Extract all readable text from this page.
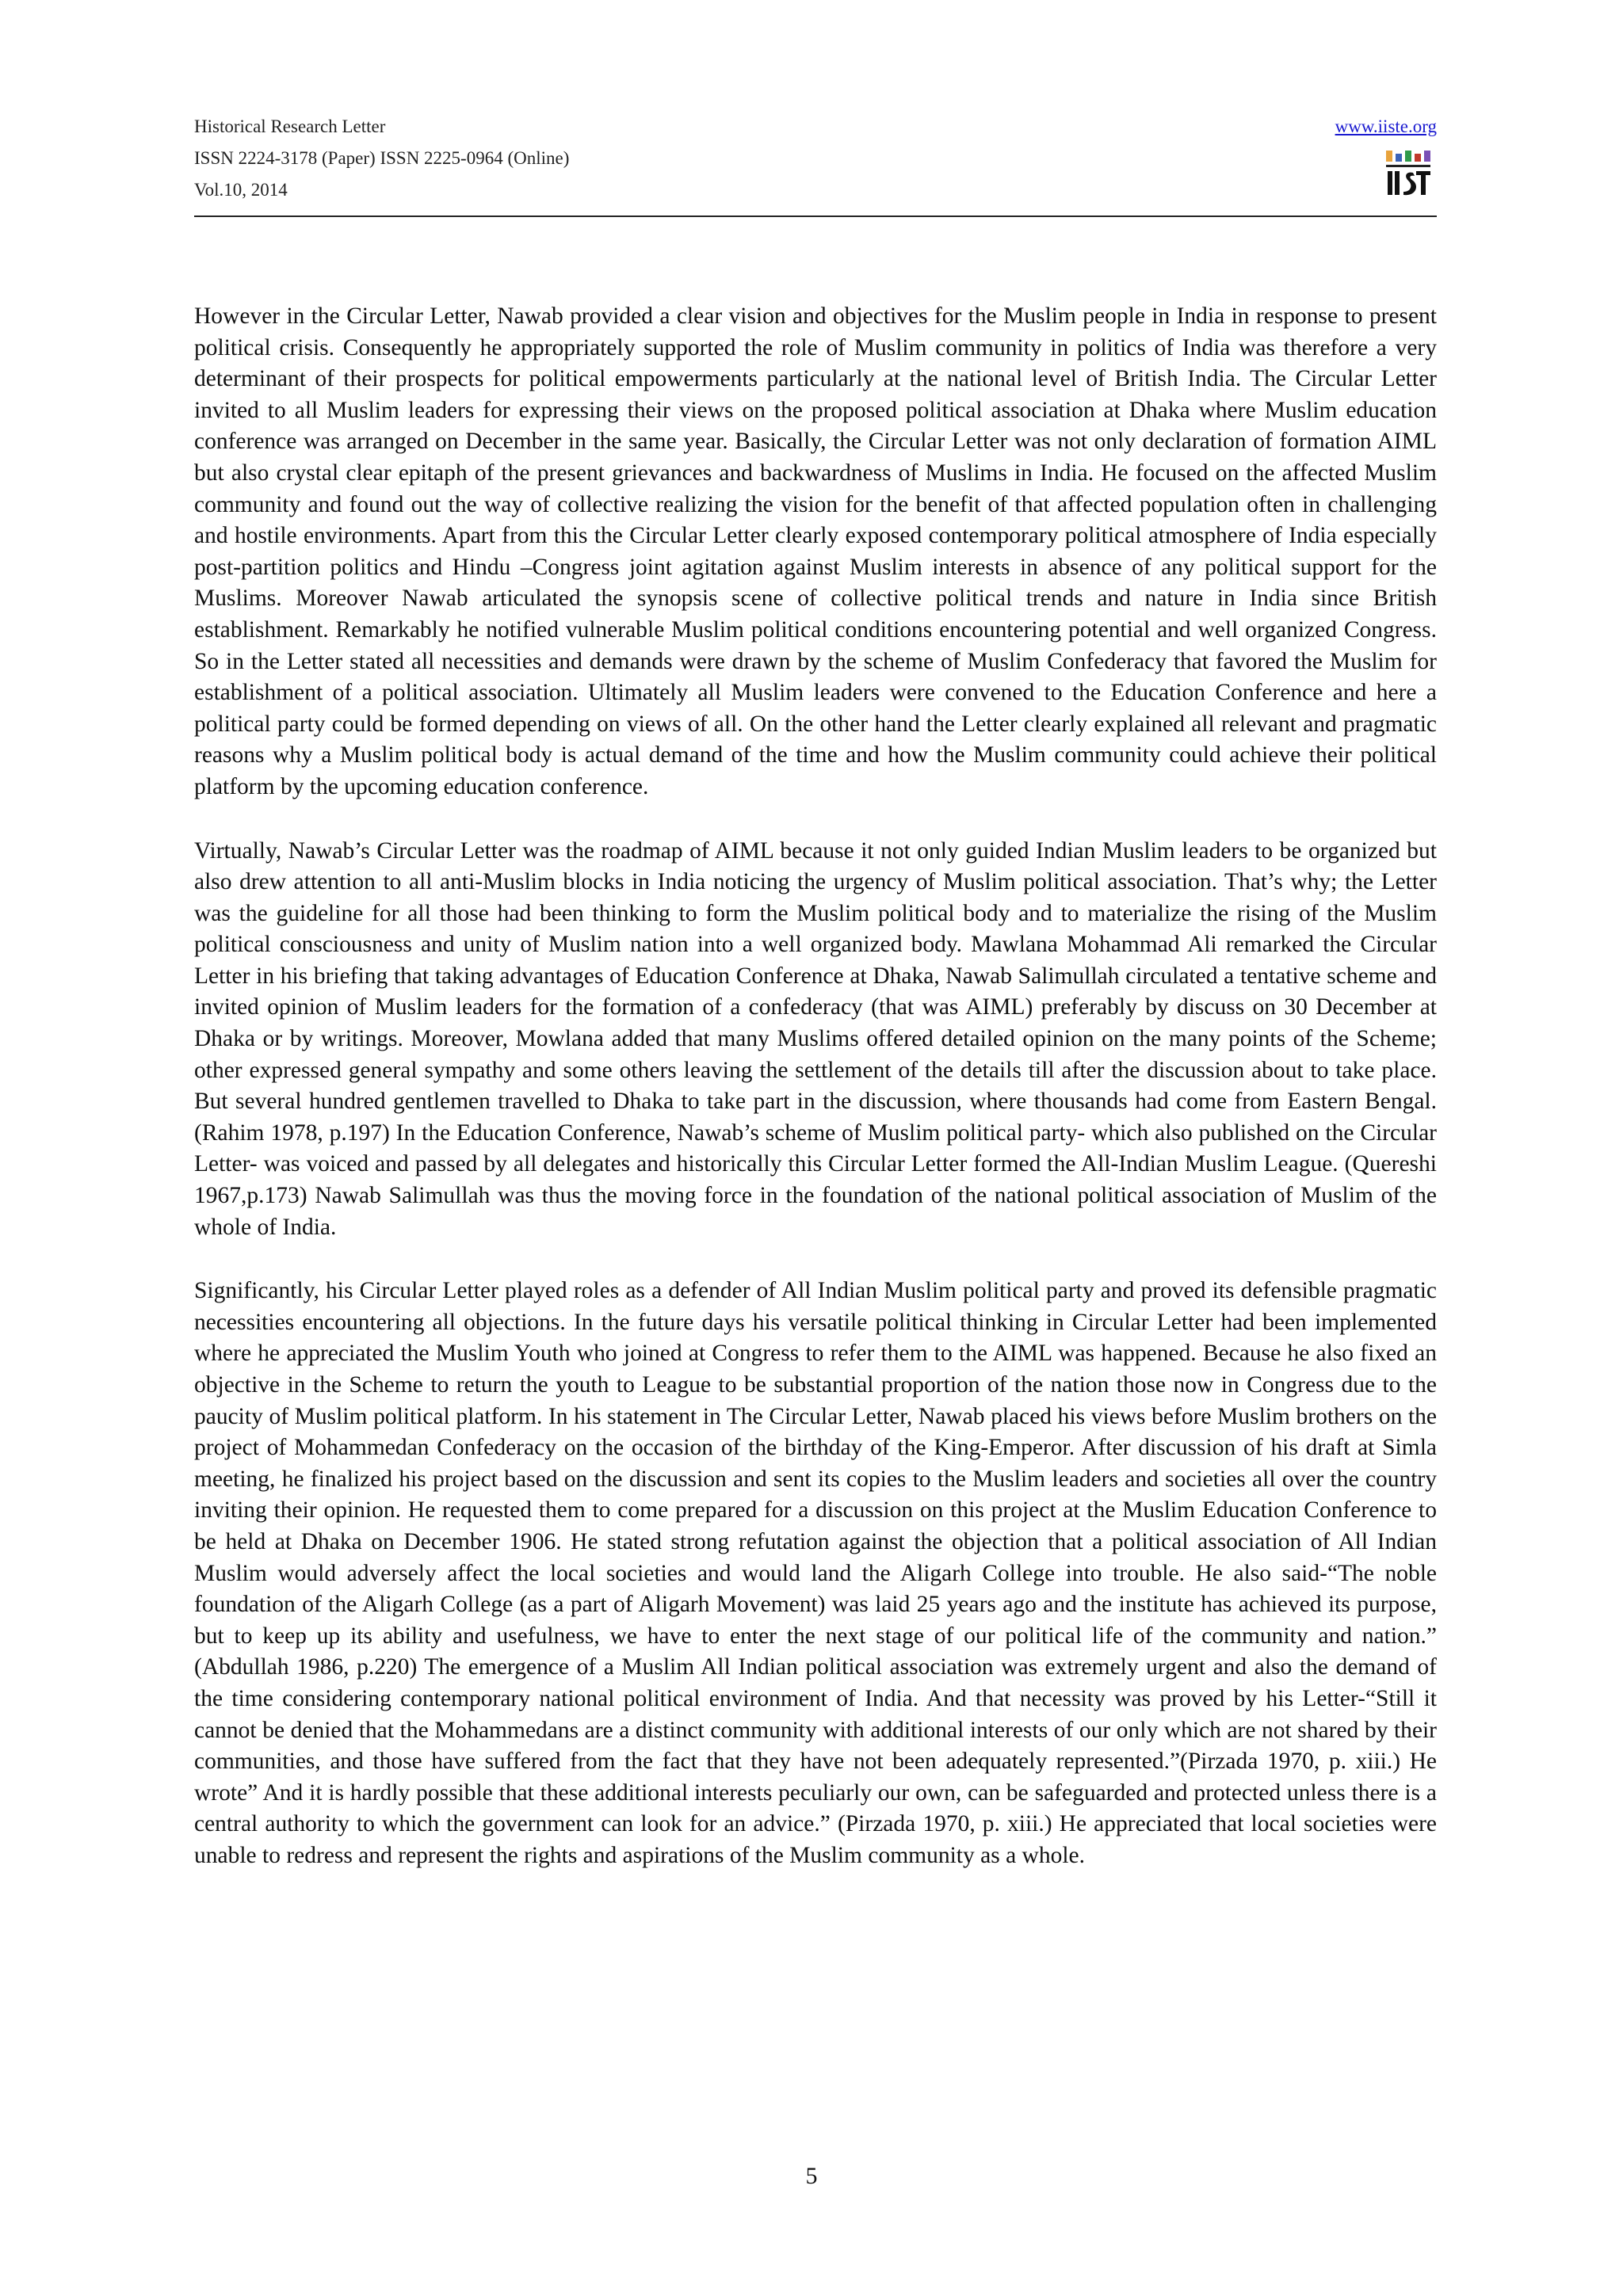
Historical Research Letter
ISSN 2224-3178 (Paper) ISSN 2225-0964 (Online)
Vol.10, 2014
www.iiste.org

However in the Circular Letter, Nawab provided a clear vision and objectives for the Muslim people in India in response to present political crisis. Consequently he appropriately supported the role of Muslim community in politics of India was therefore a very determinant of their prospects for political empowerments particularly at the national level of British India. The Circular Letter invited to all Muslim leaders for expressing their views on the proposed political association at Dhaka where Muslim education conference was arranged on December in the same year. Basically, the Circular Letter was not only declaration of formation AIML but also crystal clear epitaph of the present grievances and backwardness of Muslims in India. He focused on the affected Muslim community and found out the way of collective realizing the vision for the benefit of that affected population often in challenging and hostile environments. Apart from this the Circular Letter clearly exposed contemporary political atmosphere of India especially post-partition politics and Hindu –Congress joint agitation against Muslim interests in absence of any political support for the Muslims. Moreover Nawab articulated the synopsis scene of collective political trends and nature in India since British establishment. Remarkably he notified vulnerable Muslim political conditions encountering potential and well organized Congress. So in the Letter stated all necessities and demands were drawn by the scheme of Muslim Confederacy that favored the Muslim for establishment of a political association. Ultimately all Muslim leaders were convened to the Education Conference and here a political party could be formed depending on views of all. On the other hand the Letter clearly explained all relevant and pragmatic reasons why a Muslim political body is actual demand of the time and how the Muslim community could achieve their political platform by the upcoming education conference.

Virtually, Nawab’s Circular Letter was the roadmap of AIML because it not only guided Indian Muslim leaders to be organized but also drew attention to all anti-Muslim blocks in India noticing the urgency of Muslim political association. That’s why; the Letter was the guideline for all those had been thinking to form the Muslim political body and to materialize the rising of the Muslim political consciousness and unity of Muslim nation into a well organized body. Mawlana Mohammad Ali remarked the Circular Letter in his briefing that taking advantages of Education Conference at Dhaka, Nawab Salimullah circulated a tentative scheme and invited opinion of Muslim leaders for the formation of a confederacy (that was AIML) preferably by discuss on 30 December at Dhaka or by writings. Moreover, Mowlana added that many Muslims offered detailed opinion on the many points of the Scheme; other expressed general sympathy and some others leaving the settlement of the details till after the discussion about to take place. But several hundred gentlemen travelled to Dhaka to take part in the discussion, where thousands had come from Eastern Bengal. (Rahim 1978, p.197) In the Education Conference, Nawab’s scheme of Muslim political party- which also published on the Circular Letter- was voiced and passed by all delegates and historically this Circular Letter formed the All-Indian Muslim League. (Quereshi 1967,p.173) Nawab Salimullah was thus the moving force in the foundation of the national political association of Muslim of the whole of India.

Significantly, his Circular Letter played roles as a defender of All Indian Muslim political party and proved its defensible pragmatic necessities encountering all objections. In the future days his versatile political thinking in Circular Letter had been implemented where he appreciated the Muslim Youth who joined at Congress to refer them to the AIML was happened. Because he also fixed an objective in the Scheme to return the youth to League to be substantial proportion of the nation those now in Congress due to the paucity of Muslim political platform. In his statement in The Circular Letter, Nawab placed his views before Muslim brothers on the project of Mohammedan Confederacy on the occasion of the birthday of the King-Emperor. After discussion of his draft at Simla meeting, he finalized his project based on the discussion and sent its copies to the Muslim leaders and societies all over the country inviting their opinion. He requested them to come prepared for a discussion on this project at the Muslim Education Conference to be held at Dhaka on December 1906. He stated strong refutation against the objection that a political association of All Indian Muslim would adversely affect the local societies and would land the Aligarh College into trouble. He also said-“The noble foundation of the Aligarh College (as a part of Aligarh Movement) was laid 25 years ago and the institute has achieved its purpose, but to keep up its ability and usefulness, we have to enter the next stage of our political life of the community and nation.” (Abdullah 1986, p.220) The emergence of a Muslim All Indian political association was extremely urgent and also the demand of the time considering contemporary national political environment of India. And that necessity was proved by his Letter-“Still it cannot be denied that the Mohammedans are a distinct community with additional interests of our only which are not shared by their communities, and those have suffered from the fact that they have not been adequately represented.”(Pirzada 1970, p. xiii.) He wrote” And it is hardly possible that these additional interests peculiarly our own, can be safeguarded and protected unless there is a central authority to which the government can look for an advice.” (Pirzada 1970, p. xiii.) He appreciated that local societies were unable to redress and represent the rights and aspirations of the Muslim community as a whole.

5
